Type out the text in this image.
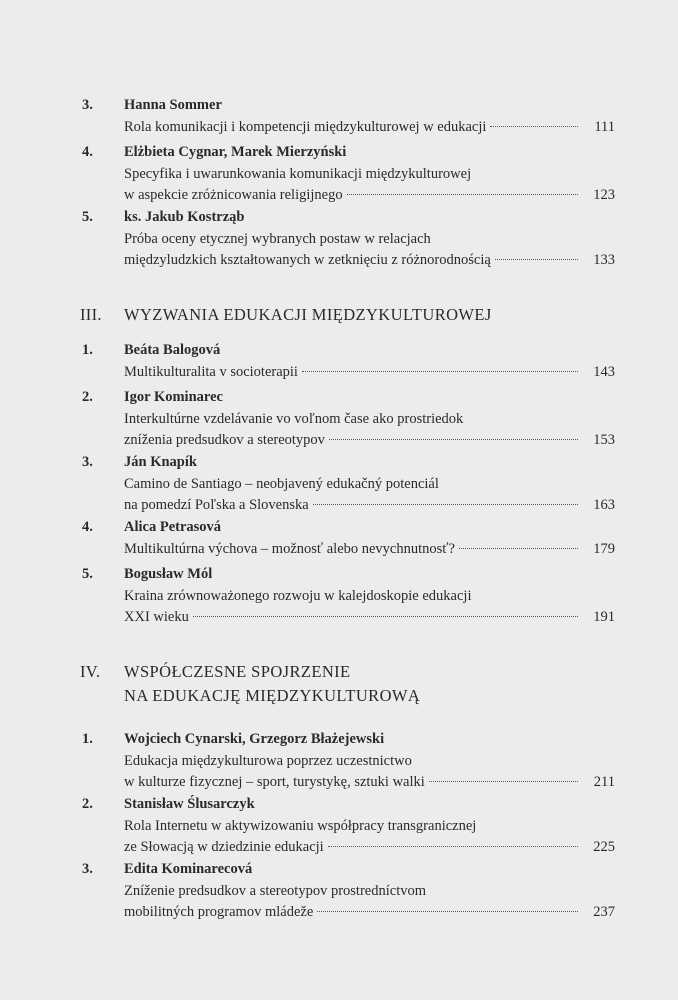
3. Hanna Sommer
Rola komunikacji i kompetencji międzykulturowej w edukacji	111
4. Elżbieta Cygnar, Marek Mierzyński
Specyfika i uwarunkowania komunikacji międzykulturowej
w aspekcie zróżnicowania religijnego	123
5. ks. Jakub Kostrząb
Próba oceny etycznej wybranych postaw w relacjach
międzyludzkich kształtowanych w zetknięciu z różnorodnością	133
III. WYZWANIA EDUKACJI MIĘDZYKULTUROWEJ
1. Beáta Balogová
Multikulturalita v socioterapii	143
2. Igor Kominarec
Interkultúrne vzdelávanie vo voľnom čase ako prostriedok
zníženia predsudkov a stereotypov	153
3. Ján Knapík
Camino de Santiago – neobjavený edukačný potenciál
na pomedzí Poľska a Slovenska	163
4. Alica Petrasová
Multikultúrna výchova – možnosť alebo nevychnutnosť?	179
5. Bogusław Mól
Kraina zrównoważonego rozwoju w kalejdoskopie edukacji
XXI wieku	191
IV. WSPÓŁCZESNE SPOJRZENIE
NA EDUKACJĘ MIĘDZYKULTUROWĄ
1. Wojciech Cynarski, Grzegorz Błażejewski
Edukacja międzykulturowa poprzez uczestnictwo
w kulturze fizycznej – sport, turystykę, sztuki walki	211
2. Stanisław Ślusarczyk
Rola Internetu w aktywizowaniu współpracy transgranicznej
ze Słowacją w dziedzinie edukacji	225
3. Edita Kominarecová
Zníženie predsudkov a stereotypov prostredníctvom
mobilitných programov mládeže	237
